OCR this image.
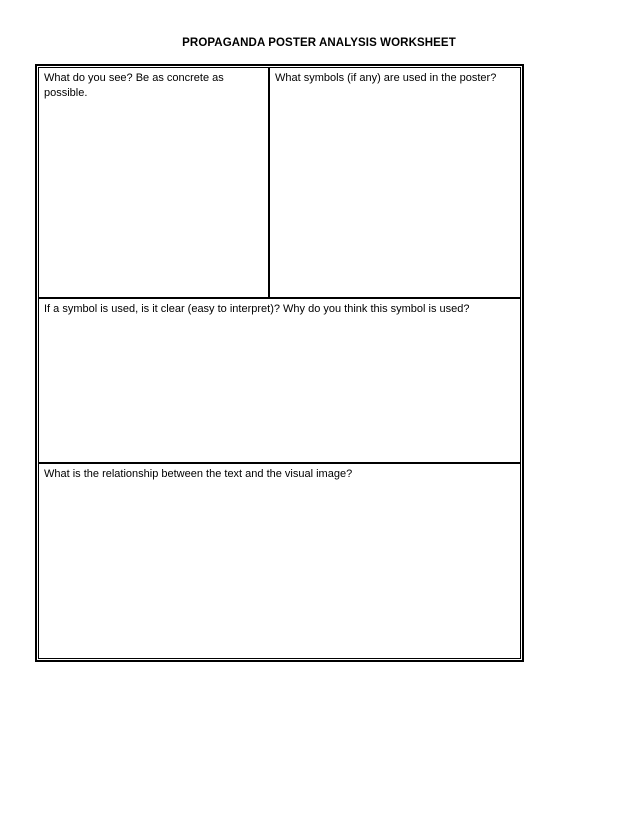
PROPAGANDA POSTER ANALYSIS WORKSHEET
What do you see? Be as concrete as possible.
What symbols (if any) are used in the poster?
If a symbol is used, is it clear (easy to interpret)? Why do you think this symbol is used?
What is the relationship between the text and the visual image?
